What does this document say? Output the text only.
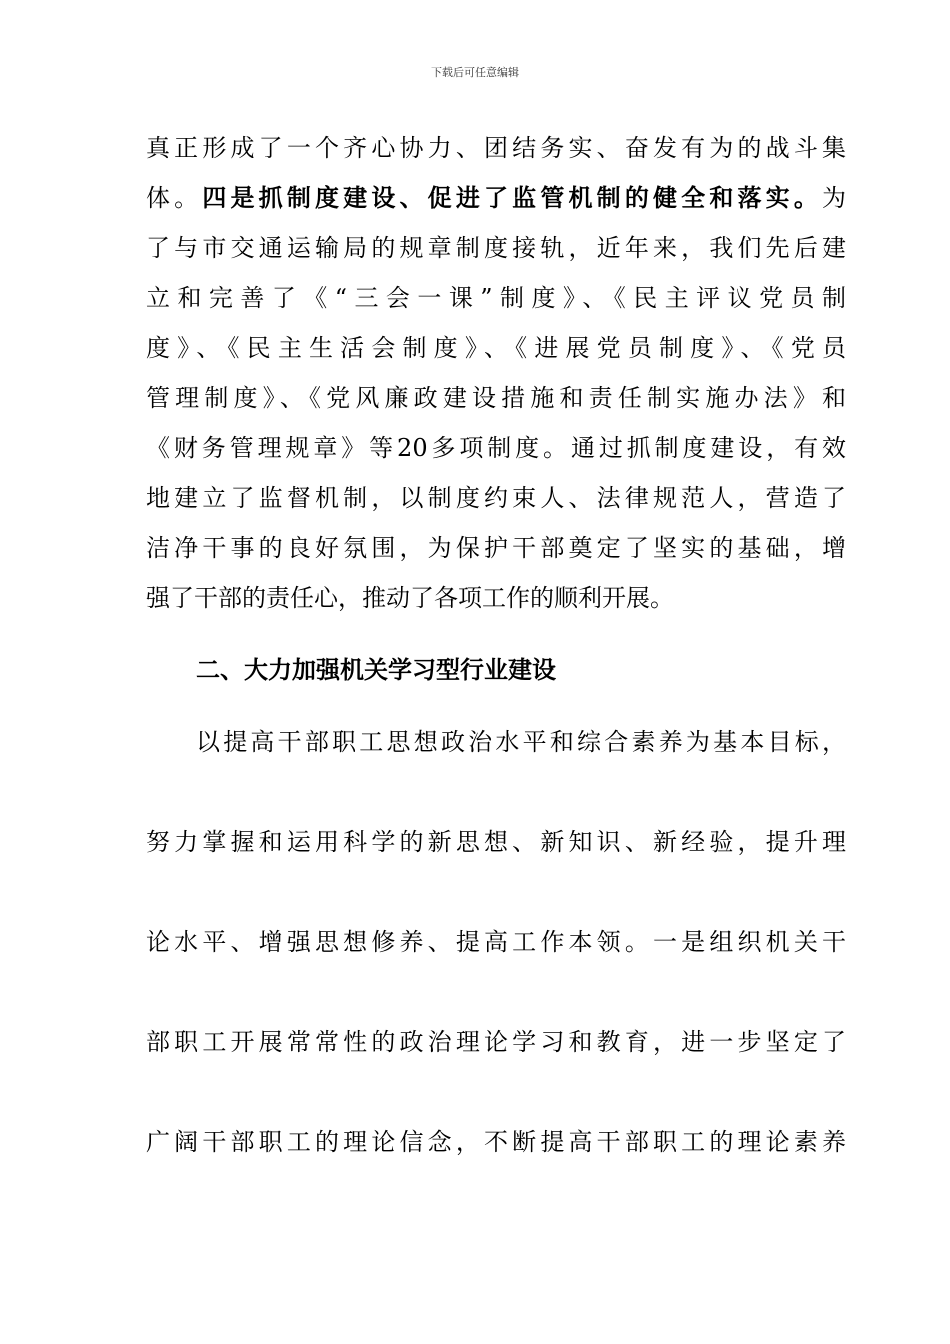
下载后可任意编辑
真正形成了一个齐心协力、团结务实、奋发有为的战斗集
体。四是抓制度建设、促进了监管机制的健全和落实。为
了与市交通运输局的规章制度接轨，近年来，我们先后建
立和完善了《“三会一课”制度》、《民主评议党员制
度》、《民主生活会制度》、《进展党员制度》、《党员
管理制度》、《党风廉政建设措施和责任制实施办法》和
《财务管理规章》等20多项制度。通过抓制度建设，有效
地建立了监督机制，以制度约束人、法律规范人，营造了
洁净干事的良好氛围，为保护干部奠定了坚实的基础，增
强了干部的责任心，推动了各项工作的顺利开展。
二、大力加强机关学习型行业建设
以提高干部职工思想政治水平和综合素养为基本目标，
努力掌握和运用科学的新思想、新知识、新经验，提升理
论水平、增强思想修养、提高工作本领。一是组织机关干
部职工开展常常性的政治理论学习和教育，进一步坚定了
广阔干部职工的理论信念，不断提高干部职工的理论素养
